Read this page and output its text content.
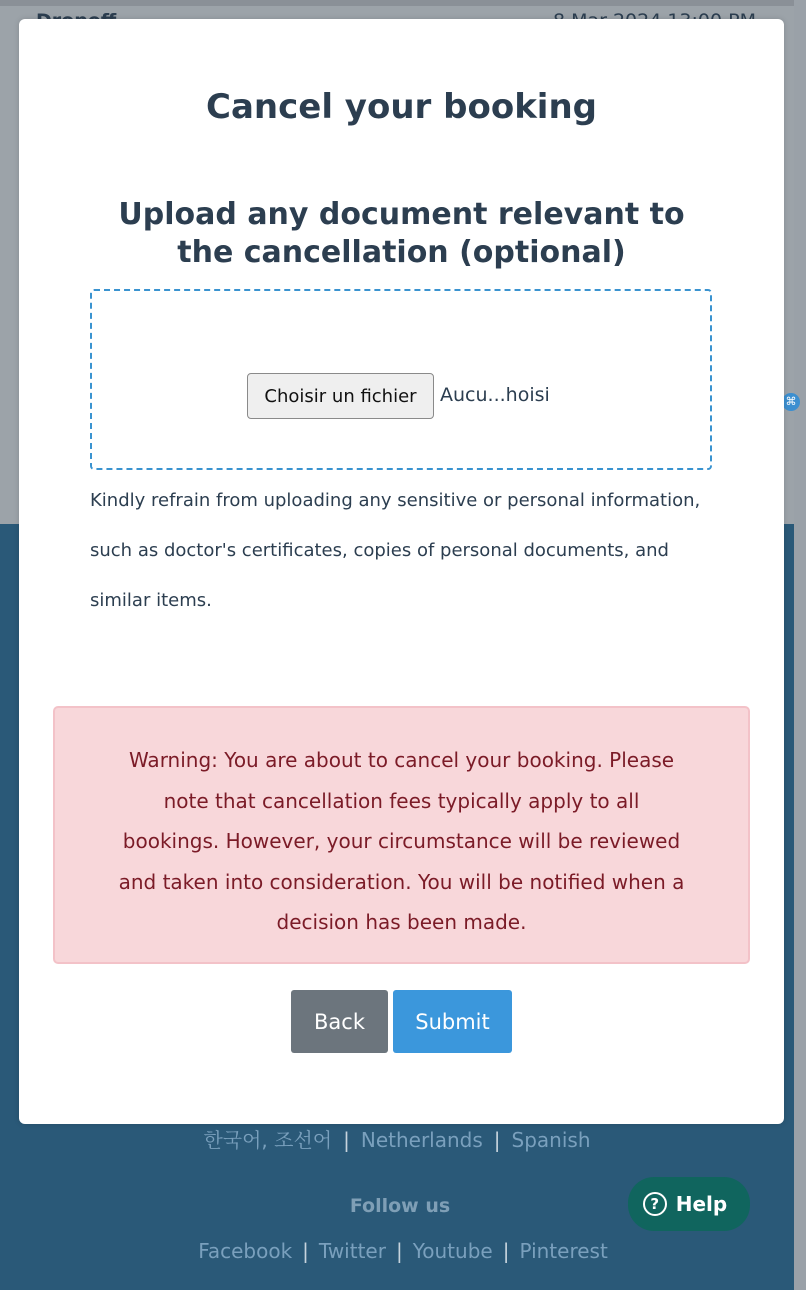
⌘
한국어, 조선어 | Netherlands | Spanish
Follow us
Facebook | Twitter | Youtube | Pinterest
Cancel your booking
Upload any document relevant to the cancellation (optional)
Choisir un fichier	Aucu...hoisi

Kindly refrain from uploading any sensitive or personal information, such as doctor's certificates, copies of personal documents, and similar items.

Warning: You are about to cancel your booking. Please note that cancellation fees typically apply to all bookings. However, your circumstance will be reviewed and taken into consideration. You will be notified when a decision has been made.
Back	Submit
? Help
